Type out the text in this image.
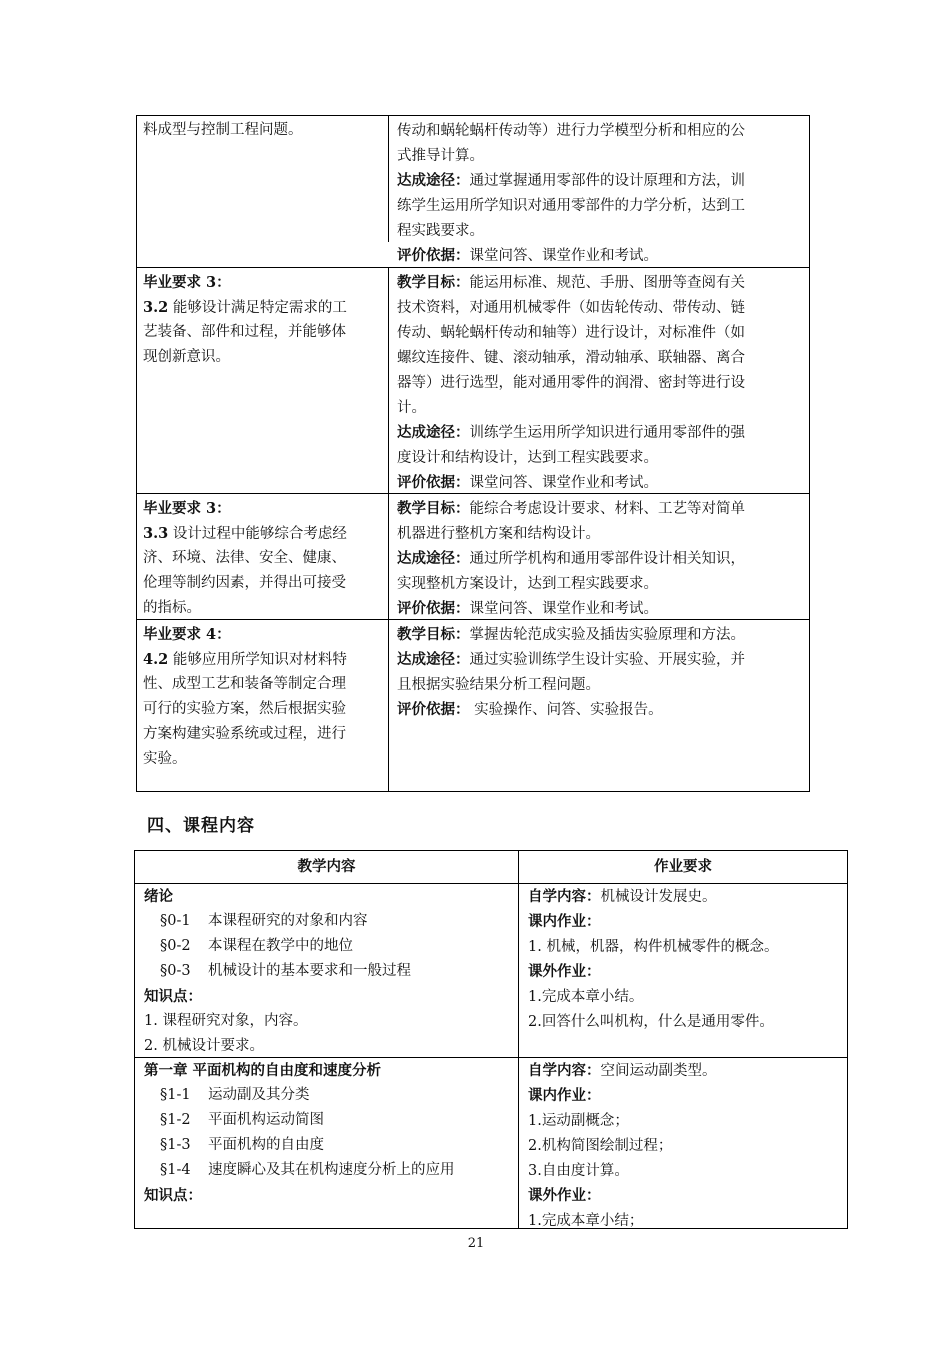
料成型与控制工程问题。	传动和蜗轮蜗杆传动等）进行力学模型分析和相应的公
式推导计算。
达成途径：通过掌握通用零部件的设计原理和方法，训
练学生运用所学知识对通用零部件的力学分析，达到工
程实践要求。
评价依据：课堂问答、课堂作业和考试。
毕业要求 3：
3.2 能够设计满足特定需求的工
艺装备、部件和过程，并能够体
现创新意识。
教学目标：能运用标准、规范、手册、图册等查阅有关
技术资料，对通用机械零件（如齿轮传动、带传动、链
传动、蜗轮蜗杆传动和轴等）进行设计，对标准件（如
螺纹连接件、键、滚动轴承，滑动轴承、联轴器、离合
器等）进行选型，能对通用零件的润滑、密封等进行设
计。
达成途径：训练学生运用所学知识进行通用零部件的强
度设计和结构设计，达到工程实践要求。
评价依据：课堂问答、课堂作业和考试。
毕业要求 3：
3.3 设计过程中能够综合考虑经
济、环境、法律、安全、健康、
伦理等制约因素，并得出可接受
的指标。
教学目标：能综合考虑设计要求、材料、工艺等对简单
机器进行整机方案和结构设计。
达成途径：通过所学机构和通用零部件设计相关知识，
实现整机方案设计，达到工程实践要求。
评价依据：课堂问答、课堂作业和考试。
毕业要求 4：
4.2 能够应用所学知识对材料特
性、成型工艺和装备等制定合理
可行的实验方案，然后根据实验
方案构建实验系统或过程，进行
实验。
教学目标：掌握齿轮范成实验及插齿实验原理和方法。
达成途径：通过实验训练学生设计实验、开展实验，并
且根据实验结果分析工程问题。
评价依据： 实验操作、问答、实验报告。
四、课程内容
教学内容	作业要求
绪论
§0-1 本课程研究的对象和内容
§0-2 本课程在教学中的地位
§0-3 机械设计的基本要求和一般过程
知识点：
1. 课程研究对象，内容。
2. 机械设计要求。
自学内容：机械设计发展史。
课内作业：
1. 机械，机器，构件机械零件的概念。
课外作业：
1.完成本章小结。
2.回答什么叫机构，什么是通用零件。
第一章 平面机构的自由度和速度分析
§1-1 运动副及其分类
§1-2 平面机构运动简图
§1-3 平面机构的自由度
§1-4 速度瞬心及其在机构速度分析上的应用
知识点：
自学内容：空间运动副类型。
课内作业：
1.运动副概念；
2.机构简图绘制过程；
3.自由度计算。
课外作业：
1.完成本章小结；
21
